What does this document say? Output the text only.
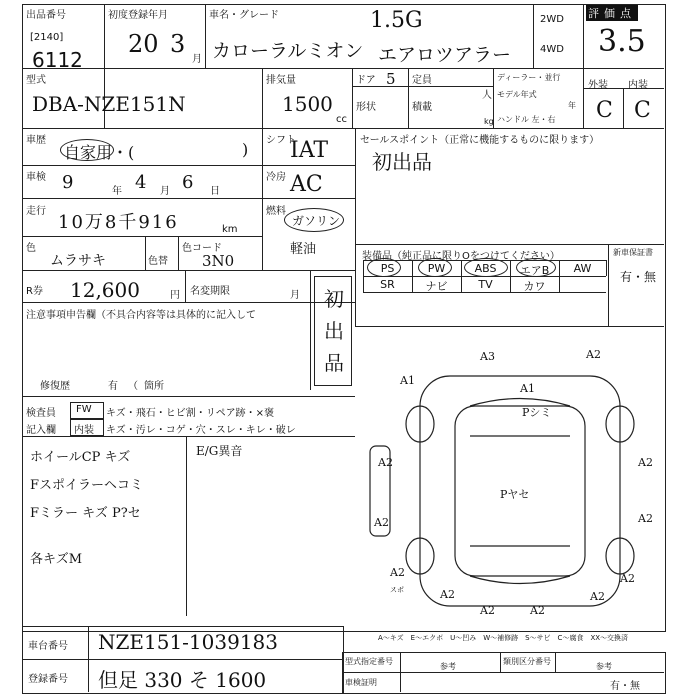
出品番号
[2140]
6112
初度登録年月
20 3
月
車名・グレード	1.5G
カローラルミオン エアロツアラー
2WD
4WD
評価点
3.5
型式
DBA-NZE151N
排気量
1500
cc
ドア 5 定員
人
形状	積載
kg
ディーラー・並行
モデル年式
年
ハンドル 左・右
外装 内装
C C
車歴
自家用・(	) シフト
IAT
車検 9	年 4 月 6 日
冷房 AC
走行
10万8千916	km
燃料
ガソリン
軽油
色
ムラサキ	色替
色コード
3N0
R券 12,600	円 名変期限	月 初出品
注意事項申告欄（不具合内容等は具体的に記入して
修復歴	有 （ 箇所
セールスポイント（正常に機能するものに限ります）
初出品
装備品（純正品に限りOをつけてください）	新車保証書
有・無
PS	PW	ABS	エアB	AW
SR	ナビ	TV	カワ
検査員
記入欄
FW
内装
キズ・飛石・ヒビ割・リペア跡・×褒
キズ・汚レ・コゲ・穴・スレ・キレ・破レ
ホイールCP キズ
Fスポイラーヘコミ
Fミラー キズ P?セ
各キズM
E/G異音
A3	A2
A1
A1
Pシミ
A2	A2
A2
Pヤセ
A2
A2	A2
A2
A2	A2
A2
スポ
A～キズ　E～エクボ　U～凹み　W～補修跡　S～サビ　C～腐食　XX～交換済
車台番号 NZE151-1039183
登録番号 但足 330 そ 1600
型式指定番号
参考
類別区分番号
参考
車検証明	有・無
